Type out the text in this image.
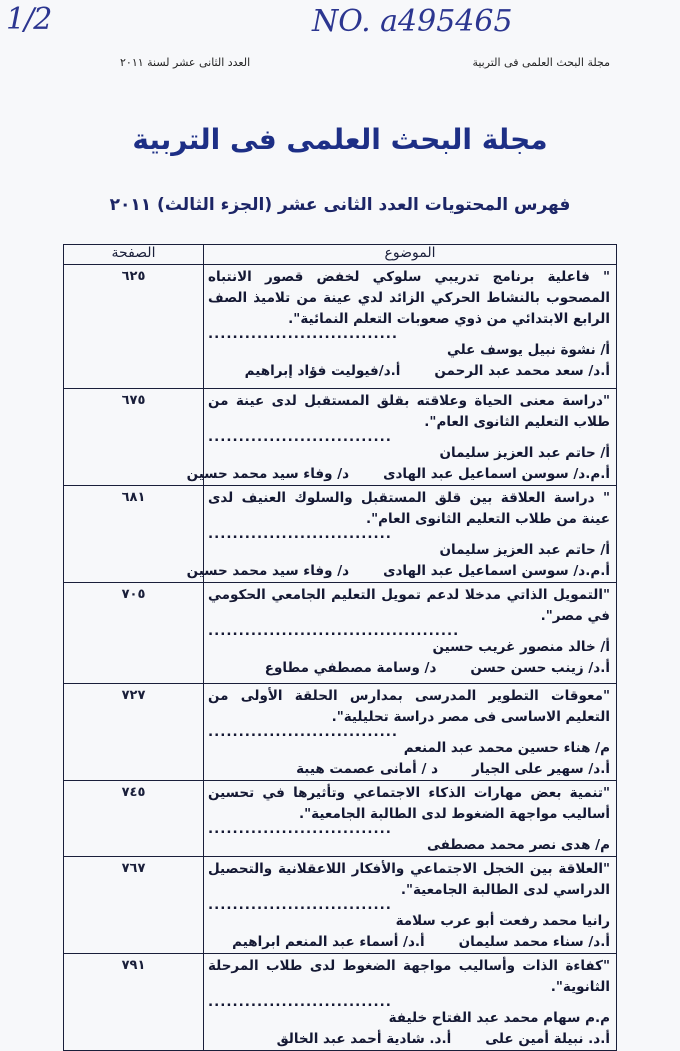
1/2	NO. a495465
مجلة البحث العلمى فى التربية
العدد الثانى عشر لسنة ٢٠١١
مجلة البحث العلمى فى التربية
فهرس المحتويات العدد الثانى عشر (الجزء الثالث) ٢٠١١
الموضوع	الصفحة

" فاعلية برنامج تدريبي سلوكي لخفض قصور الانتباه المصحوب بالنشاط الحركي الزائد لدي عينة من تلاميذ الصف الرابع الابتدائي من ذوي صعوبات التعلم النمائية".
...............................
أ/ نشوة نبيل يوسف علي
أ.د/ سعد محمد عبد الرحمن
أ.د/فيوليت فؤاد إبراهيم	٦٢٥

"دراسة معنى الحياة وعلاقته بقلق المستقبل لدى عينة من طلاب التعليم الثانوى العام".
..............................
أ/ حاتم عبد العزيز سليمان
أ.م.د/ سوسن اسماعيل عبد الهادى
د/ وفاء سيد محمد حسين	٦٧٥

" دراسة العلاقة بين قلق المستقبل والسلوك العنيف لدى عينة من طلاب التعليم الثانوى العام".
..............................
أ/ حاتم عبد العزيز سليمان
أ.م.د/ سوسن اسماعيل عبد الهادى
د/ وفاء سيد محمد حسين	٦٨١

"التمويل الذاتي مدخلا لدعم تمويل التعليم الجامعي الحكومي في مصر".
.........................................
أ/ خالد منصور غريب حسين
أ.د/ زينب حسن حسن
د/ وسامة مصطفي مطاوع	٧٠٥

"معوقات التطوير المدرسى بمدارس الحلقة الأولى من التعليم الاساسى فى مصر دراسة تحليلية".
...............................
م/ هناء حسين محمد عبد المنعم
أ.د/ سهير على الجيار
د / أمانى عصمت هيبة	٧٢٧

"تنمية بعض مهارات الذكاء الاجتماعي وتأثيرها في تحسين أساليب مواجهة الضغوط لدى الطالبة الجامعية".
..............................
م/ هدى نصر محمد مصطفى	٧٤٥

"العلاقة بين الخجل الاجتماعي والأفكار اللاعقلانية والتحصيل الدراسي لدى الطالبة الجامعية".
..............................
رانيا محمد رفعت أبو عرب سلامة
أ.د/ سناء محمد سليمان
أ.د/ أسماء عبد المنعم ابراهيم	٧٦٧

"كفاءة الذات وأساليب مواجهة الضغوط لدى طلاب المرحلة الثانوية".
..............................
م.م سهام محمد عبد الفتاح خليفة
أ.د. نبيلة أمين على
أ.د. شادية أحمد عبد الخالق	٧٩١
